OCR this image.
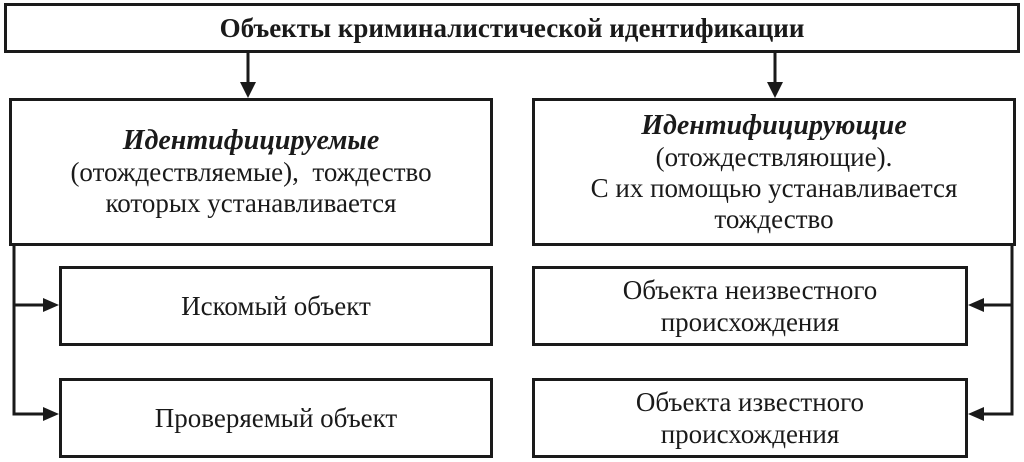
Объекты криминалистической идентификации
Идентифицируемые
(отождествляемые),  тождество
которых устанавливается
Идентифицирующие
(отождествляющие).
С их помощью устанавливается
тождество
Искомый объект
Проверяемый объект
Объекта неизвестного
происхождения
Объекта известного
происхождения
